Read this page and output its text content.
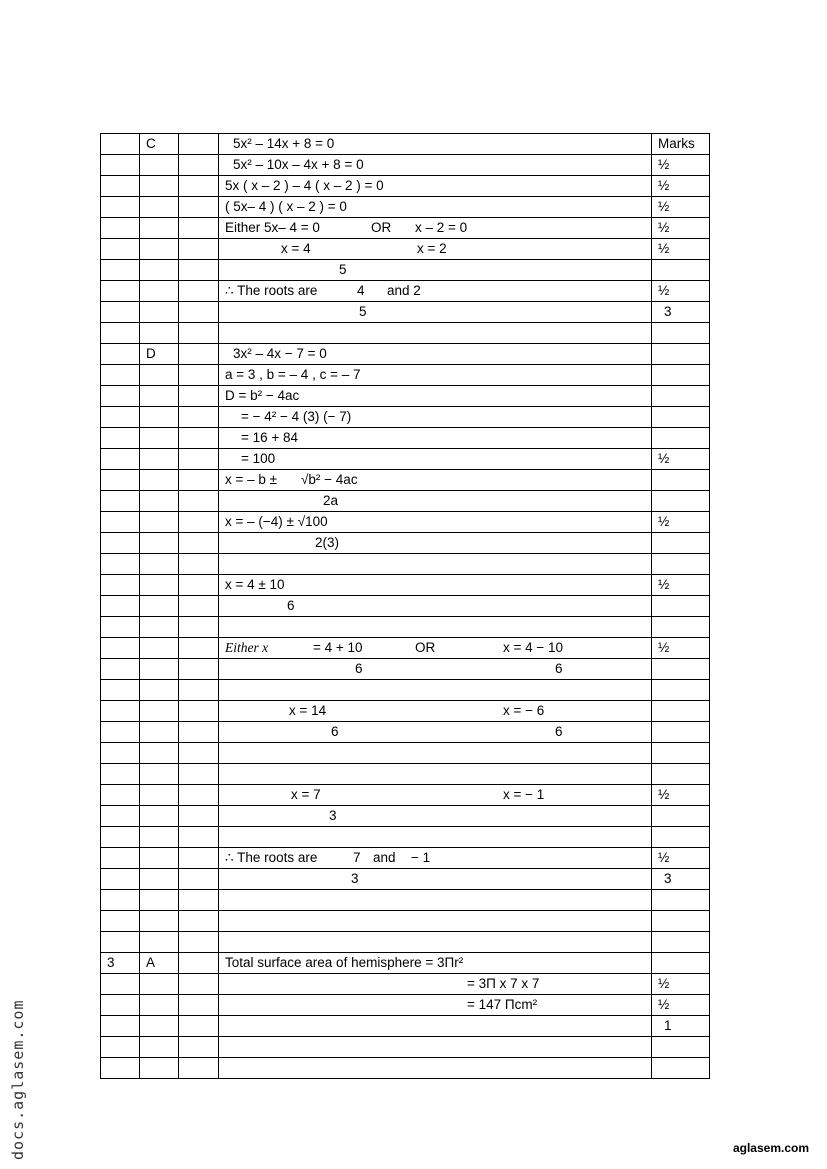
	C		5x² – 14x + 8 = 0	Marks
			5x² – 10x – 4x + 8 = 0	½
			5x ( x – 2 ) – 4 ( x – 2 ) = 0	½
			( 5x– 4 ) ( x – 2 ) = 0	½
			Either 5x– 4 = 0 OR x – 2 = 0	½

			x = 4 x = 2	½

			5	

			∴ The roots are 4 and 2	½

			5	3

	D		3x² – 4x − 7 = 0	
			a = 3 , b = – 4 , c = – 7	
			D = b² − 4ac	
			= − 4² − 4 (3) (− 7)	
			= 16 + 84	
			= 100	½
			x = – b ± √b² − 4ac	

			2a	

			x = – (−4) ± √100	½

			2(3)	

			x = 4 ± 10	½

			6	

			Either x = 4 + 10 OR x = 4 − 10	½

			6 6	

			x = 14 x = − 6	

			6 6	

			x = 7 x = − 1	½

			3	

			∴ The roots are 7 and − 1	½

			3	3

3	A		Total surface area of hemisphere = 3Πr²	

			= 3Π x 7 x 7	½

			= 147 Πcm²	½

				1

docs.aglasem.com	aglasem.com
